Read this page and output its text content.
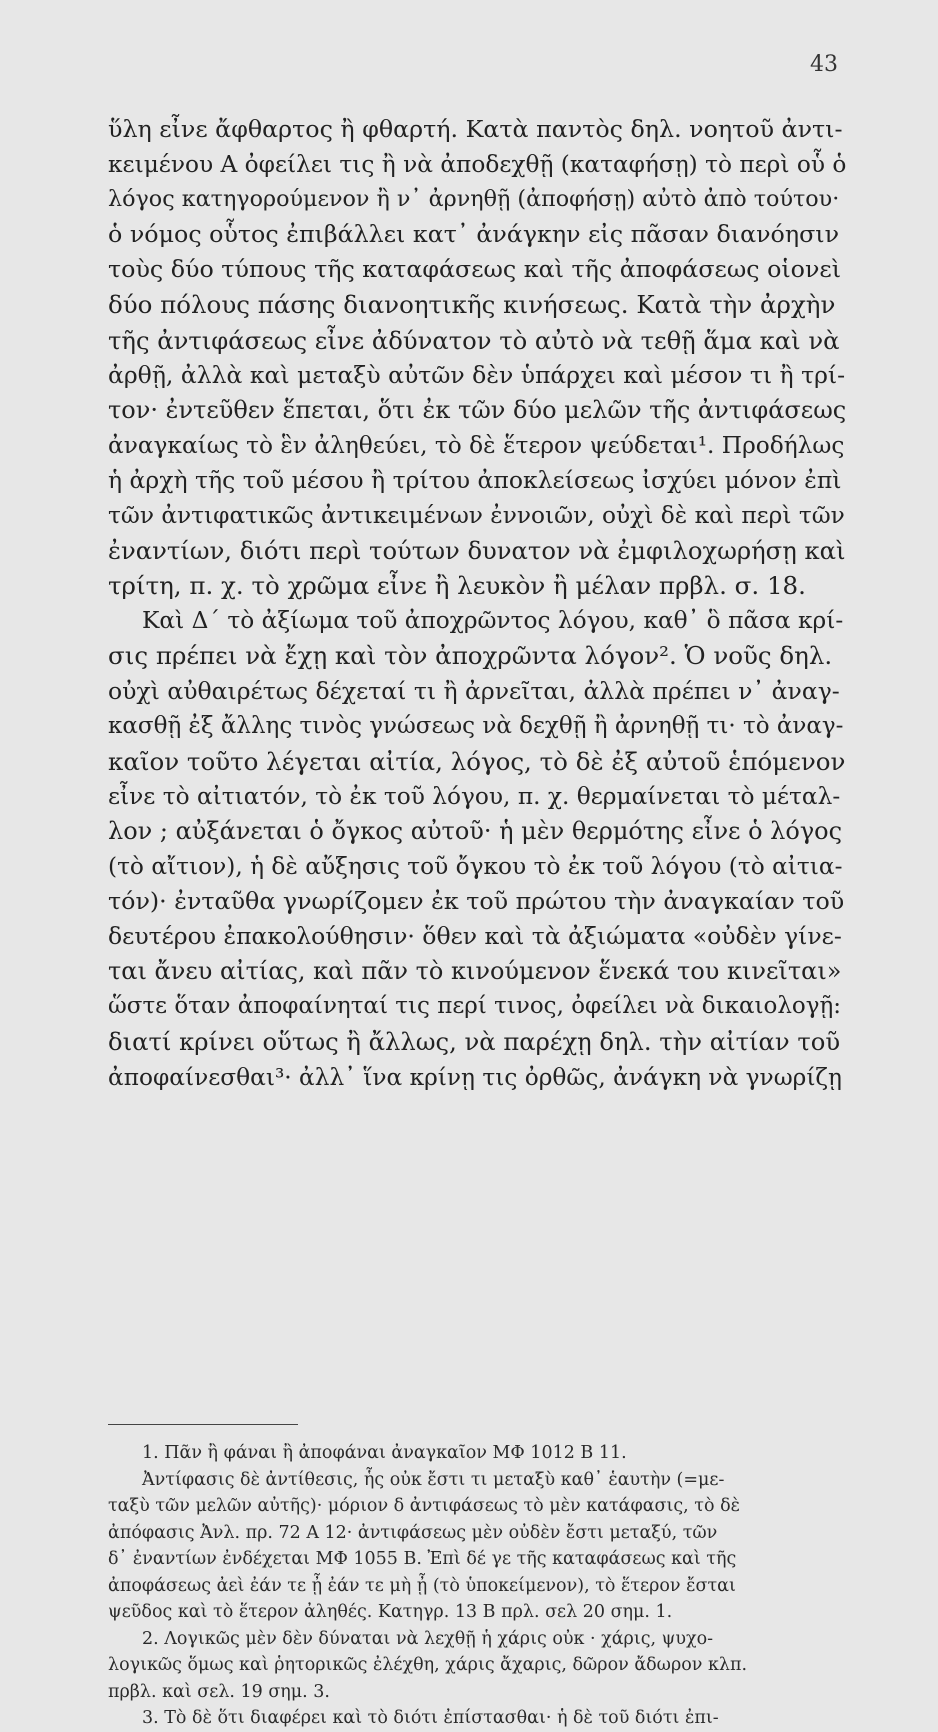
43
ὕλη εἶνε ἄφθαρτος ἢ φθαρτή. Κατὰ παντὸς δηλ. νοητοῦ ἀντι-
κειμένου Α ὀφείλει τις ἢ νὰ ἀποδεχθῇ (καταφήσῃ) τὸ περὶ οὗ ὁ
λόγος κατηγορούμενον ἢ ν᾽ ἀρνηθῇ (ἀποφήσῃ) αὐτὸ ἀπὸ τούτου·
ὁ νόμος οὗτος ἐπιβάλλει κατ᾽ ἀνάγκην εἰς πᾶσαν διανόησιν
τοὺς δύο τύπους τῆς καταφάσεως καὶ τῆς ἀποφάσεως οἱονεὶ
δύο πόλους πάσης διανοητικῆς κινήσεως. Κατὰ τὴν ἀρχὴν
τῆς ἀντιφάσεως εἶνε ἀδύνατον τὸ αὐτὸ νὰ τεθῇ ἅμα καὶ νὰ
ἀρθῇ, ἀλλὰ καὶ μεταξὺ αὐτῶν δὲν ὑπάρχει καὶ μέσον τι ἢ τρί-
τον· ἐντεῦθεν ἕπεται, ὅτι ἐκ τῶν δύο μελῶν τῆς ἀντιφάσεως
ἀναγκαίως τὸ ἓν ἀληθεύει, τὸ δὲ ἕτερον ψεύδεται¹. Προδήλως
ἡ ἀρχὴ τῆς τοῦ μέσου ἢ τρίτου ἀποκλείσεως ἰσχύει μόνον ἐπὶ
τῶν ἀντιφατικῶς ἀντικειμένων ἐννοιῶν, οὐχὶ δὲ καὶ περὶ τῶν
ἐναντίων, διότι περὶ τούτων δυνατον νὰ ἐμφιλοχωρήσῃ καὶ
τρίτη, π. χ. τὸ χρῶμα εἶνε ἢ λευκὸν ἢ μέλαν πρβλ. σ. 18.
Καὶ Δ΄ τὸ ἀξίωμα τοῦ ἀποχρῶντος λόγου, καθ᾽ ὃ πᾶσα κρί-
σις πρέπει νὰ ἔχῃ καὶ τὸν ἀποχρῶντα λόγον². Ὁ νοῦς δηλ.
οὐχὶ αὐθαιρέτως δέχεταί τι ἢ ἀρνεῖται, ἀλλὰ πρέπει ν᾽ ἀναγ-
κασθῇ ἐξ ἄλλης τινὸς γνώσεως νὰ δεχθῇ ἢ ἀρνηθῇ τι· τὸ ἀναγ-
καῖον τοῦτο λέγεται αἰτία, λόγος, τὸ δὲ ἐξ αὐτοῦ ἑπόμενον
εἶνε τὸ αἰτιατόν, τὸ ἐκ τοῦ λόγου, π. χ. θερμαίνεται τὸ μέταλ-
λον ; αὐξάνεται ὁ ὄγκος αὐτοῦ· ἡ μὲν θερμότης εἶνε ὁ λόγος
(τὸ αἴτιον), ἡ δὲ αὔξησις τοῦ ὄγκου τὸ ἐκ τοῦ λόγου (τὸ αἰτια-
τόν)· ἐνταῦθα γνωρίζομεν ἐκ τοῦ πρώτου τὴν ἀναγκαίαν τοῦ
δευτέρου ἐπακολούθησιν· ὅθεν καὶ τὰ ἀξιώματα «οὐδὲν γίνε-
ται ἄνευ αἰτίας, καὶ πᾶν τὸ κινούμενον ἕνεκά του κινεῖται»
ὥστε ὅταν ἀποφαίνηταί τις περί τινος, ὀφείλει νὰ δικαιολογῇ:
διατί κρίνει οὕτως ἢ ἄλλως, νὰ παρέχῃ δηλ. τὴν αἰτίαν τοῦ
ἀποφαίνεσθαι³· ἀλλ᾽ ἵνα κρίνῃ τις ὀρθῶς, ἀνάγκη νὰ γνωρίζῃ
1. Πᾶν ἢ φάναι ἢ ἀποφάναι ἀναγκαῖον ΜΦ 1012 Β 11.
Ἀντίφασις δὲ ἀντίθεσις, ἧς οὐκ ἔστι τι μεταξὺ καθ᾽ ἑαυτὴν (=με-
ταξὺ τῶν μελῶν αὐτῆς)· μόριον δ ἀντιφάσεως τὸ μὲν κατάφασις, τὸ δὲ
ἀπόφασις Ἀνλ. πρ. 72 Α 12· ἀντιφάσεως μὲν οὐδὲν ἔστι μεταξύ, τῶν
δ᾽ ἐναντίων ἐνδέχεται ΜΦ 1055 Β. Ἐπὶ δέ γε τῆς καταφάσεως καὶ τῆς
ἀποφάσεως ἀεὶ ἐάν τε ᾖ ἐάν τε μὴ ᾖ (τὸ ὑποκείμενον), τὸ ἕτερον ἔσται
ψεῦδος καὶ τὸ ἕτερον ἀληθές. Κατηγρ. 13 Β πρλ. σελ 20 σημ. 1.
2. Λογικῶς μὲν δὲν δύναται νὰ λεχθῇ ἡ χάρις οὐκ · χάρις, ψυχο-
λογικῶς ὅμως καὶ ῥητορικῶς ἐλέχθη, χάρις ἄχαρις, δῶρον ἄδωρον κλπ.
πρβλ. καὶ σελ. 19 σημ. 3.
3. Τὸ δὲ ὅτι διαφέρει καὶ τὸ διότι ἐπίστασθαι· ἡ δὲ τοῦ διότι ἐπι-
